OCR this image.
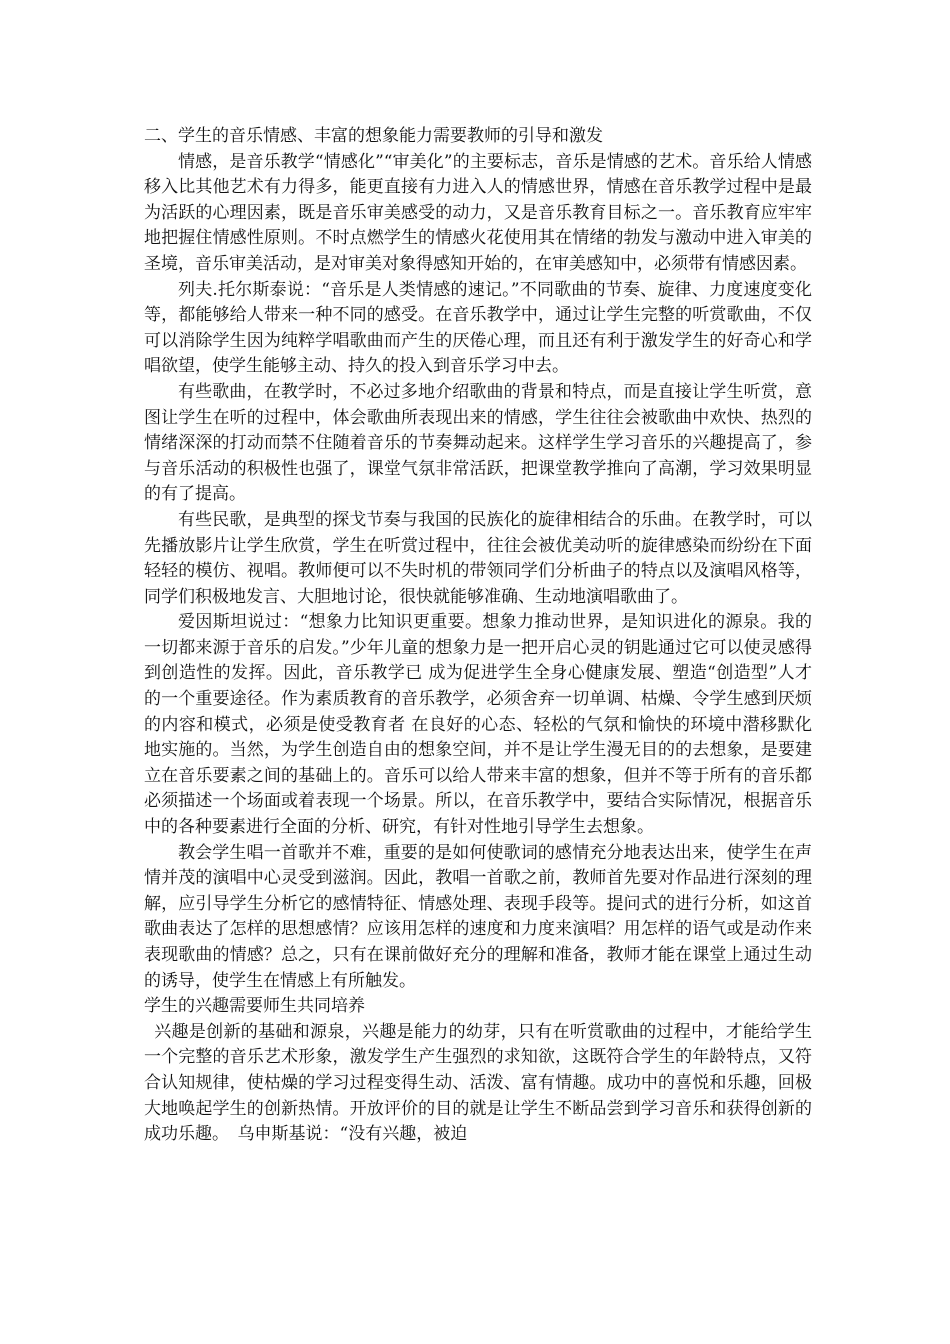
二、学生的音乐情感、丰富的想象能力需要教师的引导和激发

情感，是音乐教学“情感化”“审美化”的主要标志，音乐是情感的艺术。音乐给人情感移入比其他艺术有力得多，能更直接有力进入人的情感世界，情感在音乐教学过程中是最为活跃的心理因素，既是音乐审美感受的动力，又是音乐教育目标之一。音乐教育应牢牢地把握住情感性原则。不时点燃学生的情感火花使用其在情绪的勃发与激动中进入审美的圣境，音乐审美活动，是对审美对象得感知开始的，在审美感知中，必须带有情感因素。

列夫.托尔斯泰说：“音乐是人类情感的速记。”不同歌曲的节奏、旋律、力度速度变化等，都能够给人带来一种不同的感受。在音乐教学中，通过让学生完整的听赏歌曲，不仅可以消除学生因为纯粹学唱歌曲而产生的厌倦心理，而且还有利于激发学生的好奇心和学唱欲望，使学生能够主动、持久的投入到音乐学习中去。

有些歌曲，在教学时，不必过多地介绍歌曲的背景和特点，而是直接让学生听赏，意图让学生在听的过程中，体会歌曲所表现出来的情感，学生往往会被歌曲中欢快、热烈的情绪深深的打动而禁不住随着音乐的节奏舞动起来。这样学生学习音乐的兴趣提高了，参与音乐活动的积极性也强了，课堂气氛非常活跃，把课堂教学推向了高潮，学习效果明显的有了提高。

有些民歌，是典型的探戈节奏与我国的民族化的旋律相结合的乐曲。在教学时，可以先播放影片让学生欣赏，学生在听赏过程中，往往会被优美动听的旋律感染而纷纷在下面轻轻的模仿、视唱。教师便可以不失时机的带领同学们分析曲子的特点以及演唱风格等，同学们积极地发言、大胆地讨论，很快就能够准确、生动地演唱歌曲了。

爱因斯坦说过：“想象力比知识更重要。想象力推动世界，是知识进化的源泉。我的一切都来源于音乐的启发。”少年儿童的想象力是一把开启心灵的钥匙通过它可以使灵感得到创造性的发挥。因此，音乐教学已 成为促进学生全身心健康发展、塑造“创造型”人才的一个重要途径。作为素质教育的音乐教学，必须舍弃一切单调、枯燥、令学生感到厌烦的内容和模式，必须是使受教育者 在良好的心态、轻松的气氛和愉快的环境中潜移默化地实施的。当然，为学生创造自由的想象空间，并不是让学生漫无目的的去想象，是要建立在音乐要素之间的基础上的。音乐可以给人带来丰富的想象，但并不等于所有的音乐都必须描述一个场面或着表现一个场景。所以，在音乐教学中，要结合实际情况，根据音乐中的各种要素进行全面的分析、研究，有针对性地引导学生去想象。

教会学生唱一首歌并不难，重要的是如何使歌词的感情充分地表达出来，使学生在声情并茂的演唱中心灵受到滋润。因此，教唱一首歌之前，教师首先要对作品进行深刻的理解，应引导学生分析它的感情特征、情感处理、表现手段等。提问式的进行分析，如这首歌曲表达了怎样的思想感情？应该用怎样的速度和力度来演唱？用怎样的语气或是动作来表现歌曲的情感？总之，只有在课前做好充分的理解和准备，教师才能在课堂上通过生动的诱导，使学生在情感上有所触发。

学生的兴趣需要师生共同培养

兴趣是创新的基础和源泉，兴趣是能力的幼芽，只有在听赏歌曲的过程中，才能给学生一个完整的音乐艺术形象，激发学生产生强烈的求知欲，这既符合学生的年龄特点，又符合认知规律，使枯燥的学习过程变得生动、活泼、富有情趣。成功中的喜悦和乐趣，回极大地唤起学生的创新热情。开放评价的目的就是让学生不断品尝到学习音乐和获得创新的成功乐趣。　乌申斯基说：“没有兴趣，被迫
